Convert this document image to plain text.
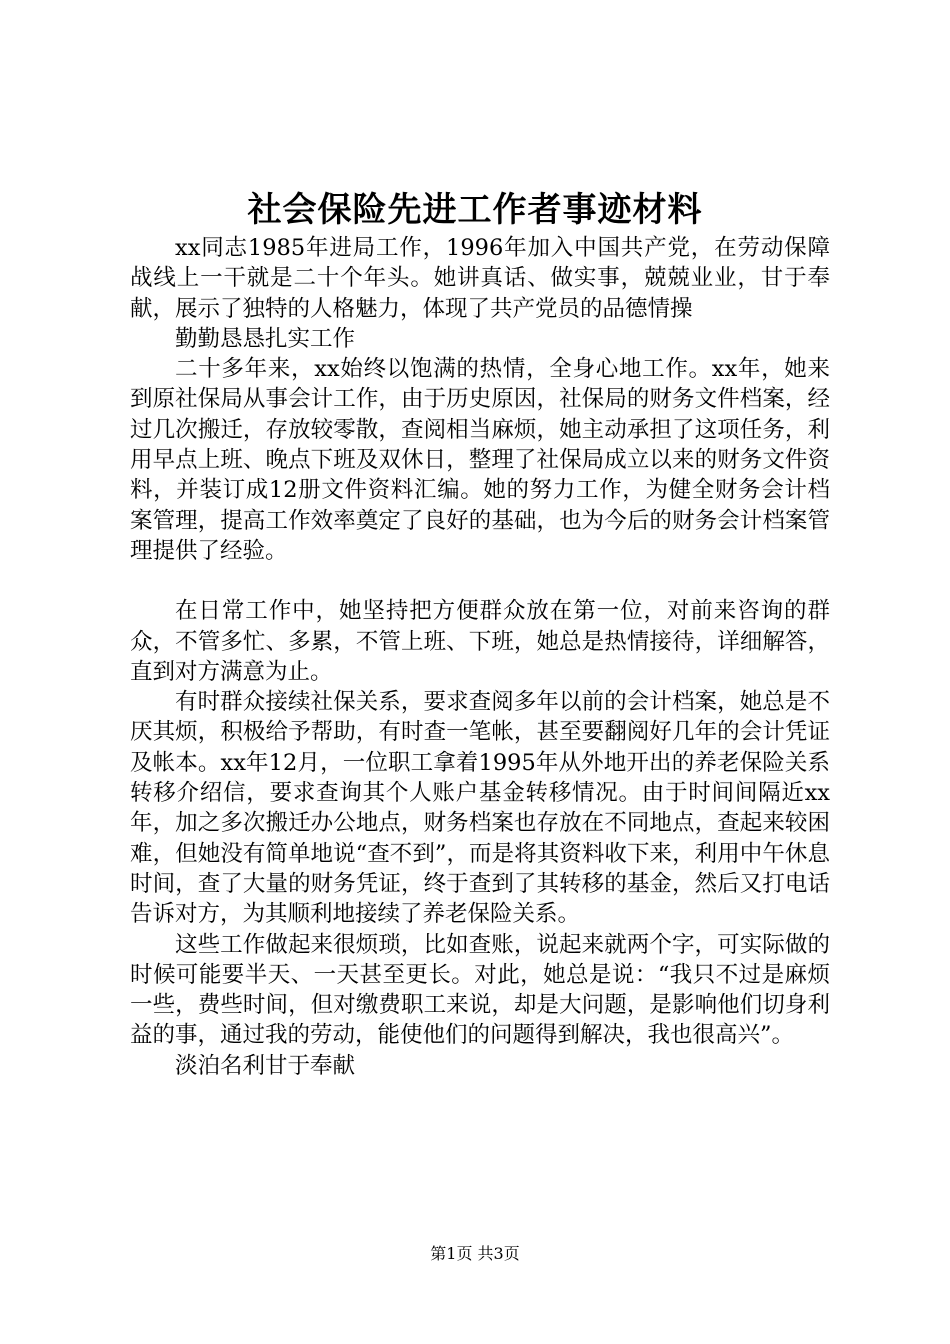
社会保险先进工作者事迹材料

xx同志1985年进局工作，1996年加入中国共产党，在劳动保障战线上一干就是二十个年头。她讲真话、做实事，兢兢业业，甘于奉献，展示了独特的人格魅力，体现了共产党员的品德情操

勤勤恳恳扎实工作

二十多年来，xx始终以饱满的热情，全身心地工作。xx年，她来到原社保局从事会计工作，由于历史原因，社保局的财务文件档案，经过几次搬迁，存放较零散，查阅相当麻烦，她主动承担了这项任务，利用早点上班、晚点下班及双休日，整理了社保局成立以来的财务文件资料，并装订成12册文件资料汇编。她的努力工作，为健全财务会计档案管理，提高工作效率奠定了良好的基础，也为今后的财务会计档案管理提供了经验。

在日常工作中，她坚持把方便群众放在第一位，对前来咨询的群众，不管多忙、多累，不管上班、下班，她总是热情接待，详细解答，直到对方满意为止。

有时群众接续社保关系，要求查阅多年以前的会计档案，她总是不厌其烦，积极给予帮助，有时查一笔帐，甚至要翻阅好几年的会计凭证及帐本。xx年12月，一位职工拿着1995年从外地开出的养老保险关系转移介绍信，要求查询其个人账户基金转移情况。由于时间间隔近xx年，加之多次搬迁办公地点，财务档案也存放在不同地点，查起来较困难，但她没有简单地说“查不到”，而是将其资料收下来，利用中午休息时间，查了大量的财务凭证，终于查到了其转移的基金，然后又打电话告诉对方，为其顺利地接续了养老保险关系。

这些工作做起来很烦琐，比如查账，说起来就两个字，可实际做的时候可能要半天、一天甚至更长。对此，她总是说：“我只不过是麻烦一些，费些时间，但对缴费职工来说，却是大问题，是影响他们切身利益的事，通过我的劳动，能使他们的问题得到解决，我也很高兴”。

淡泊名利甘于奉献

第1页 共3页
